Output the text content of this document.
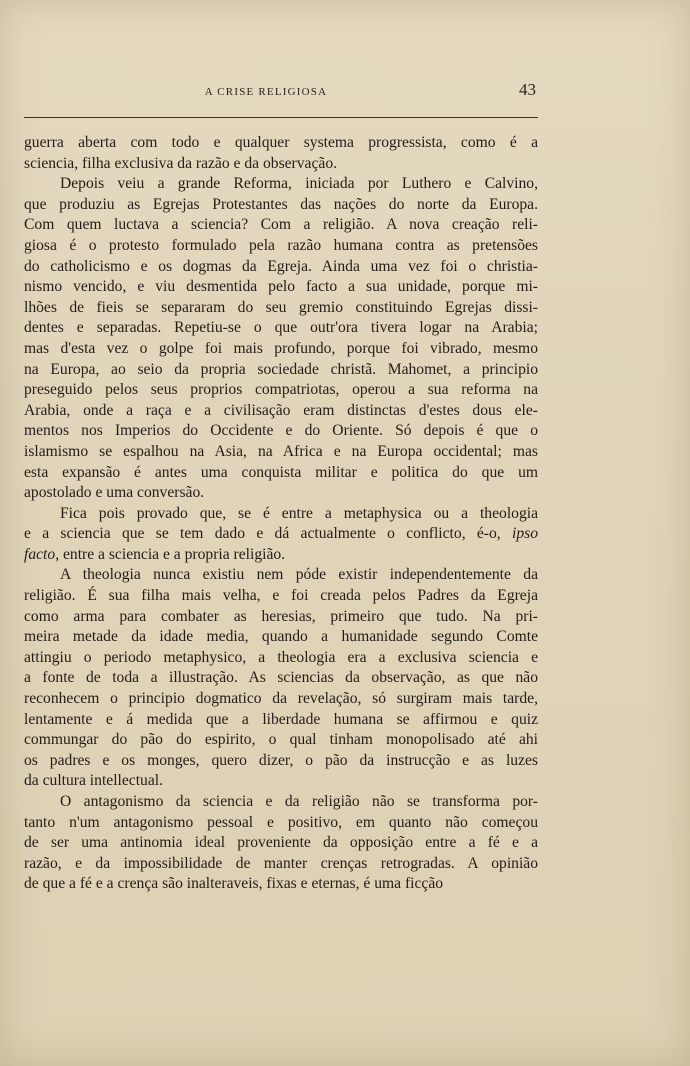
A CRISE RELIGIOSA	43

guerra aberta com todo e qualquer systema progressista, como é a
sciencia, filha exclusiva da razão e da observação.

Depois veiu a grande Reforma, iniciada por Luthero e Calvino,
que produziu as Egrejas Protestantes das nações do norte da Europa.
Com quem luctava a sciencia? Com a religião. A nova creação reli-
giosa é o protesto formulado pela razão humana contra as pretensões
do catholicismo e os dogmas da Egreja. Ainda uma vez foi o christia-
nismo vencido, e viu desmentida pelo facto a sua unidade, porque mi-
lhões de fieis se separaram do seu gremio constituindo Egrejas dissi-
dentes e separadas. Repetiu-se o que outr'ora tivera logar na Arabia;
mas d'esta vez o golpe foi mais profundo, porque foi vibrado, mesmo
na Europa, ao seio da propria sociedade christã. Mahomet, a principio
preseguido pelos seus proprios compatriotas, operou a sua reforma na
Arabia, onde a raça e a civilisação eram distinctas d'estes dous ele-
mentos nos Imperios do Occidente e do Oriente. Só depois é que o
islamismo se espalhou na Asia, na Africa e na Europa occidental; mas
esta expansão é antes uma conquista militar e politica do que um
apostolado e uma conversão.

Fica pois provado que, se é entre a metaphysica ou a theologia
e a sciencia que se tem dado e dá actualmente o conflicto, é-o, ipso
facto, entre a sciencia e a propria religião.

A theologia nunca existiu nem póde existir independentemente da
religião. É sua filha mais velha, e foi creada pelos Padres da Egreja
como arma para combater as heresias, primeiro que tudo. Na pri-
meira metade da idade media, quando a humanidade segundo Comte
attingiu o periodo metaphysico, a theologia era a exclusiva sciencia e
a fonte de toda a illustração. As sciencias da observação, as que não
reconhecem o principio dogmatico da revelação, só surgiram mais tarde,
lentamente e á medida que a liberdade humana se affirmou e quiz
commungar do pão do espirito, o qual tinham monopolisado até ahi
os padres e os monges, quero dizer, o pão da instrucção e as luzes
da cultura intellectual.

O antagonismo da sciencia e da religião não se transforma por-
tanto n'um antagonismo pessoal e positivo, em quanto não começou
de ser uma antinomia ideal proveniente da opposição entre a fé e a
razão, e da impossibilidade de manter crenças retrogradas. A opinião
de que a fé e a crença são inalteraveis, fixas e eternas, é uma ficção
